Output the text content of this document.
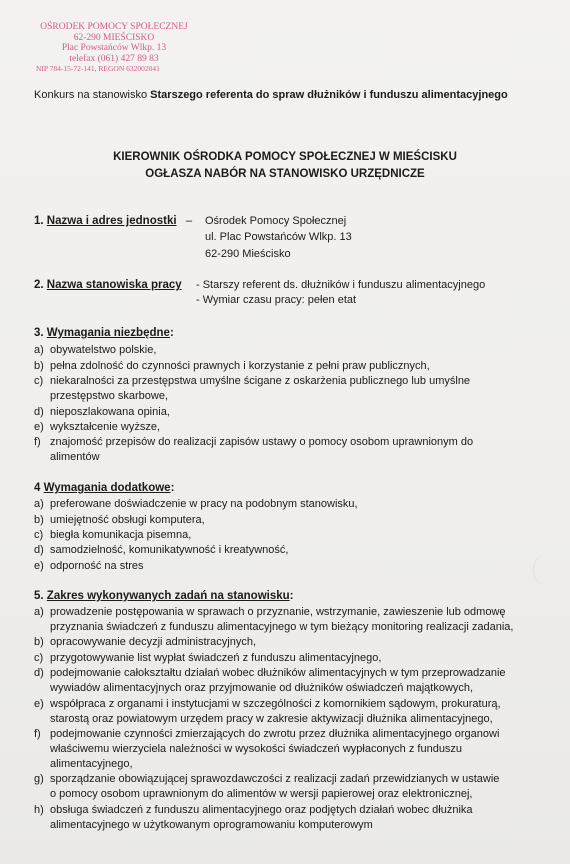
OŚRODEK POMOCY SPOŁECZNEJ
62-290 MIEŚCISKO
Plac Powstańców Wlkp. 13
telefax (061) 427 89 83
NIP 784-15-72-141, REGON 632002041
Konkurs na stanowisko Starszego referenta do spraw dłużników i funduszu alimentacyjnego
KIEROWNIK OŚRODKA POMOCY SPOŁECZNEJ W MIEŚCISKU
OGŁASZA NABÓR NA STANOWISKO URZĘDNICZE
1. Nazwa i adres jednostki – Ośrodek Pomocy Społecznej
ul. Plac Powstańców Wlkp. 13
62-290 Mieścisko
2. Nazwa stanowiska pracy - Starszy referent ds. dłużników i funduszu alimentacyjnego
- Wymiar czasu pracy: pełen etat
3. Wymagania niezbędne:
a) obywatelstwo polskie,
b) pełna zdolność do czynności prawnych i korzystanie z pełni praw publicznych,
c) niekaralności za przestępstwa umyślne ścigane z oskarżenia publicznego lub umyślne
przestępstwo skarbowe,
d) nieposzlakowana opinia,
e) wykształcenie wyższe,
f) znajomość przepisów do realizacji zapisów ustawy o pomocy osobom uprawnionym do
alimentów
4 Wymagania dodatkowe:
a) preferowane doświadczenie w pracy na podobnym stanowisku,
b) umiejętność obsługi komputera,
c) biegła komunikacja pisemna,
d) samodzielność, komunikatywność i kreatywność,
e) odporność na stres
5. Zakres wykonywanych zadań na stanowisku:
a) prowadzenie postępowania w sprawach o przyznanie, wstrzymanie, zawieszenie lub odmowę
przyznania świadczeń z funduszu alimentacyjnego w tym bieżący monitoring realizacji zadania,
b) opracowywanie decyzji administracyjnych,
c) przygotowywanie list wypłat świadczeń z funduszu alimentacyjnego,
d) podejmowanie całokształtu działań wobec dłużników alimentacyjnych w tym przeprowadzanie
wywiadów alimentacyjnych oraz przyjmowanie od dłużników oświadczeń majątkowych,
e) współpraca z organami i instytucjami w szczególności z komornikiem sądowym, prokuraturą,
starostą oraz powiatowym urzędem pracy w zakresie aktywizacji dłużnika alimentacyjnego,
f) podejmowanie czynności zmierzających do zwrotu przez dłużnika alimentacyjnego organowi
właściwemu wierzyciela należności w wysokości świadczeń wypłaconych z funduszu
alimentacyjnego,
g) sporządzanie obowiązującej sprawozdawczości z realizacji zadań przewidzianych w ustawie
o pomocy osobom uprawnionym do alimentów w wersji papierowej oraz elektronicznej,
h) obsługa świadczeń z funduszu alimentacyjnego oraz podjętych działań wobec dłużnika
alimentacyjnego w użytkowanym oprogramowaniu komputerowym
